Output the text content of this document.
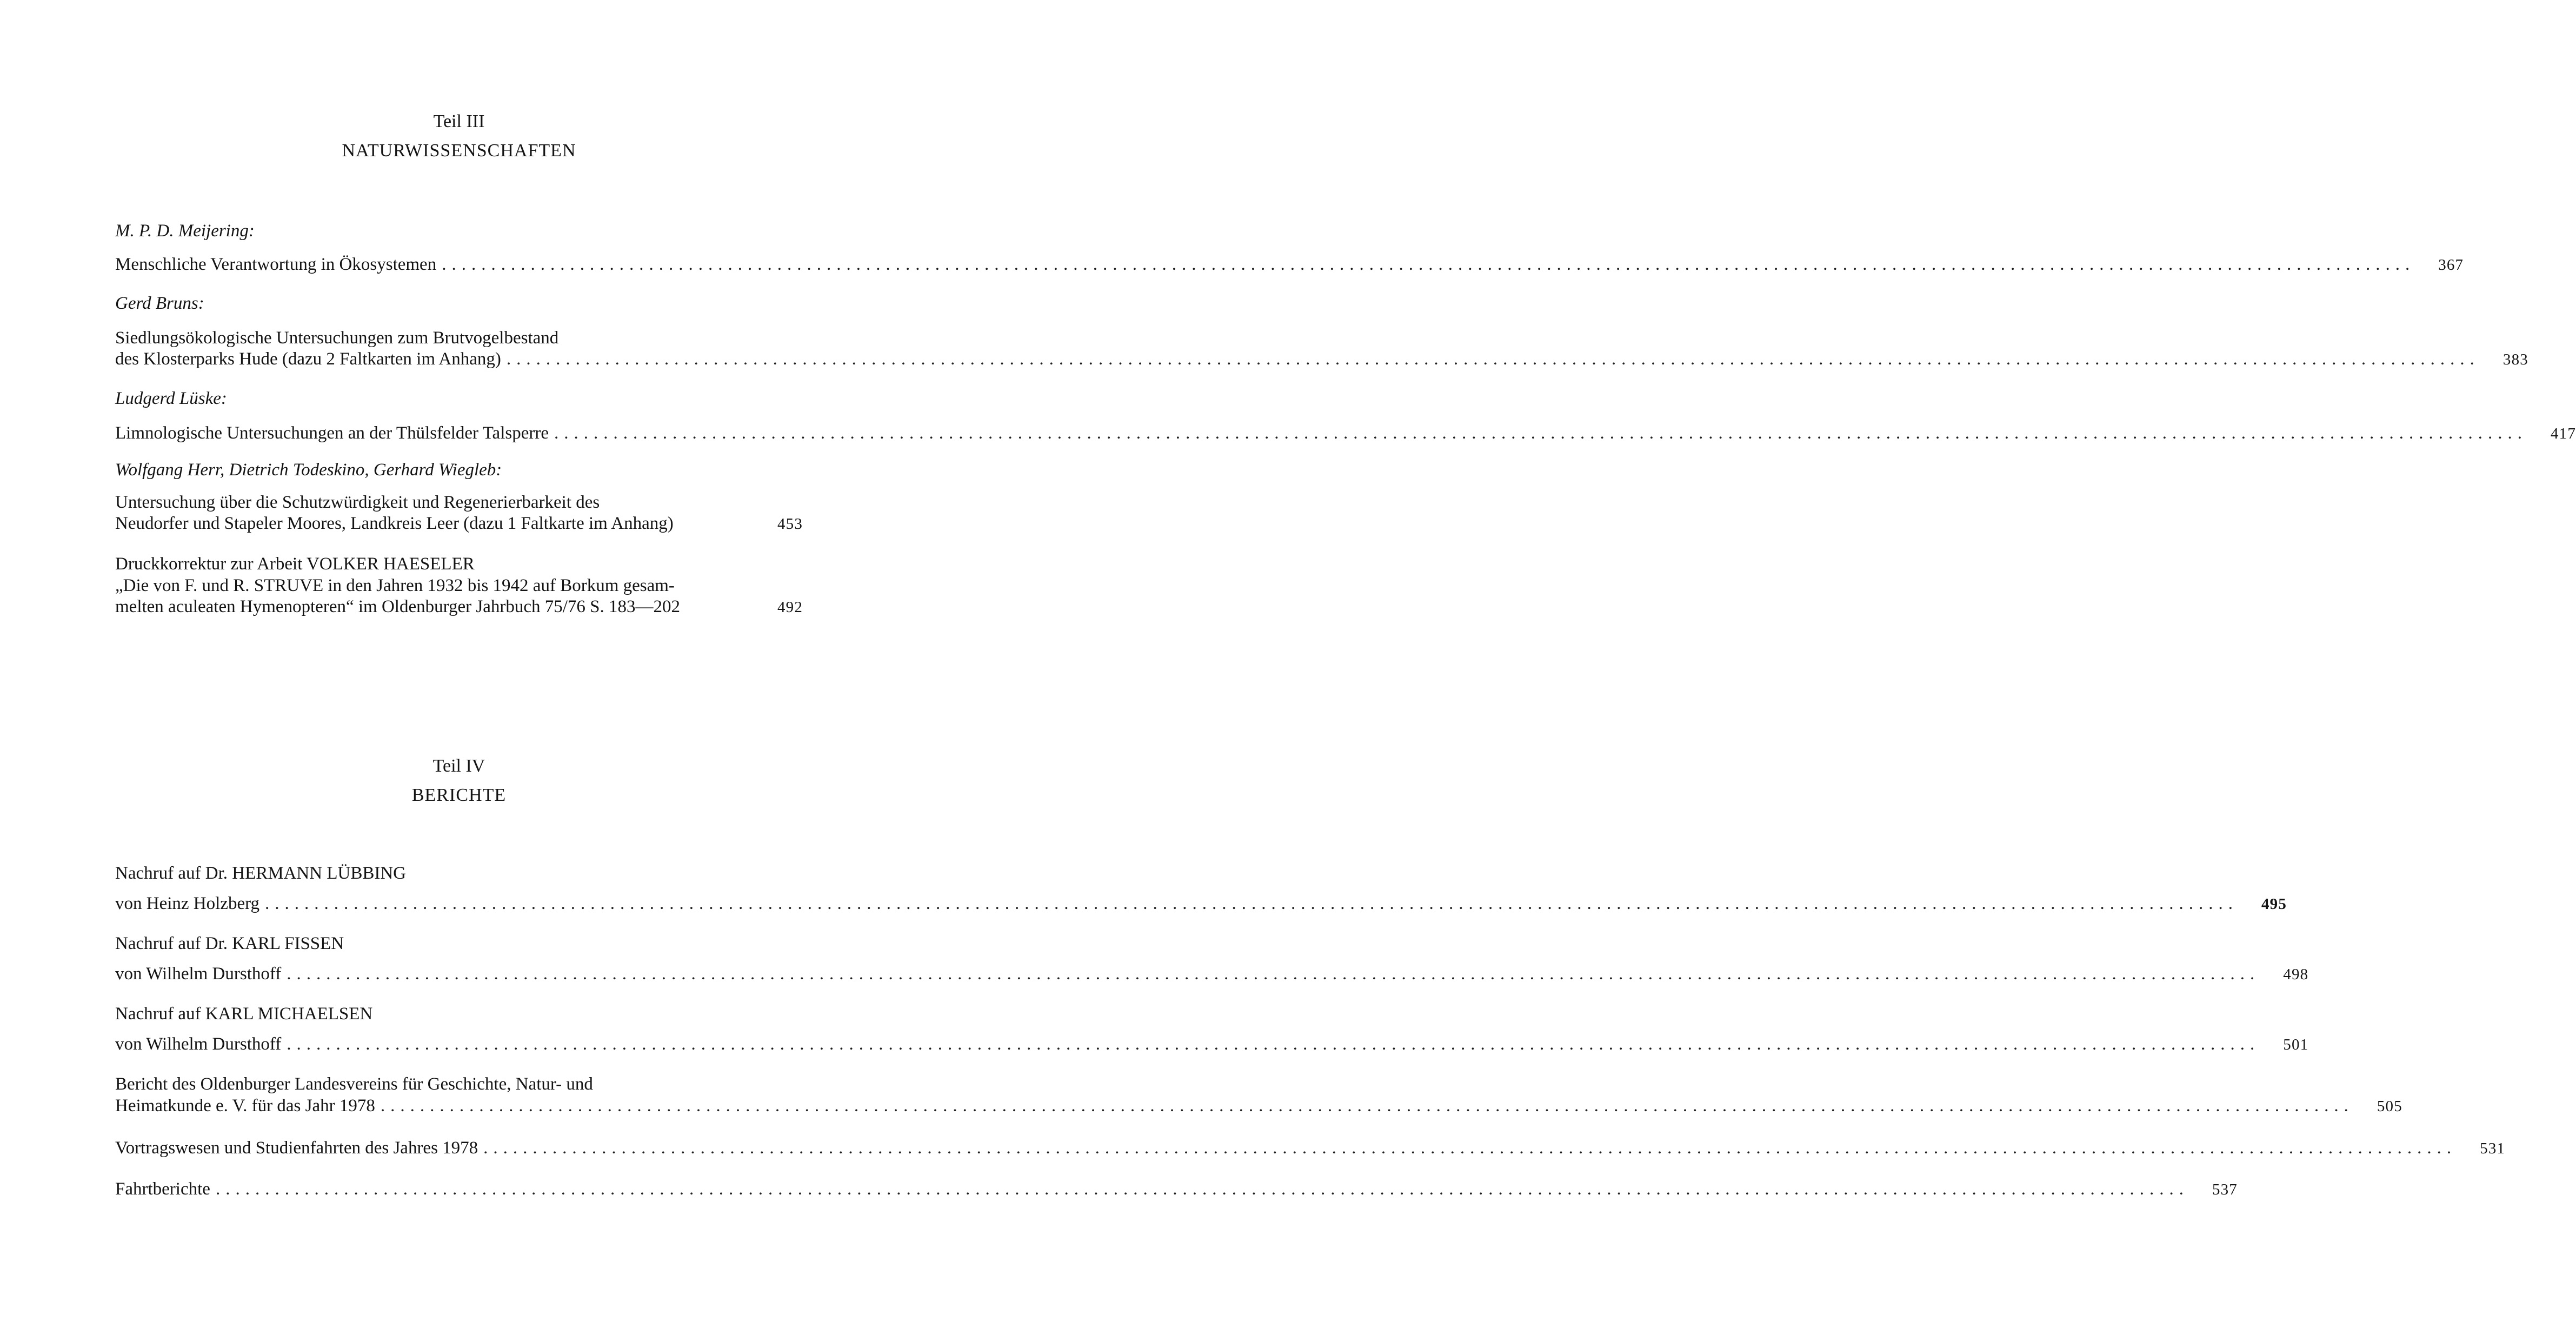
Teil III
NATURWISSENSCHAFTEN
M. P. D. Meijering:
Menschliche Verantwortung in Ökosystemen ........................................................................................................................................................................................................	367
Gerd Bruns:
Siedlungsökologische Untersuchungen zum Brutvogelbestand
des Klosterparks Hude (dazu 2 Faltkarten im Anhang) ........................................................................................................................................................................................................	383
Ludgerd Lüske:
Limnologische Untersuchungen an der Thülsfelder Talsperre ........................................................................................................................................................................................................	417
Wolfgang Herr, Dietrich Todeskino, Gerhard Wiegleb:
Untersuchung über die Schutzwürdigkeit und Regenerierbarkeit des
Neudorfer und Stapeler Moores, Landkreis Leer (dazu 1 Faltkarte im Anhang)	453
Druckkorrektur zur Arbeit VOLKER HAESELER
„Die von F. und R. STRUVE in den Jahren 1932 bis 1942 auf Borkum gesam-
melten aculeaten Hymenopteren“ im Oldenburger Jahrbuch 75/76 S. 183—202	492
Teil IV
BERICHTE
Nachruf auf Dr. HERMANN LÜBBING
von Heinz Holzberg ........................................................................................................................................................................................................	495
Nachruf auf Dr. KARL FISSEN
von Wilhelm Dursthoff ........................................................................................................................................................................................................	498
Nachruf auf KARL MICHAELSEN
von Wilhelm Dursthoff ........................................................................................................................................................................................................	501
Bericht des Oldenburger Landesvereins für Geschichte, Natur- und
Heimatkunde e. V. für das Jahr 1978 ........................................................................................................................................................................................................	505
Vortragswesen und Studienfahrten des Jahres 1978 ........................................................................................................................................................................................................	531
Fahrtberichte ........................................................................................................................................................................................................	537
